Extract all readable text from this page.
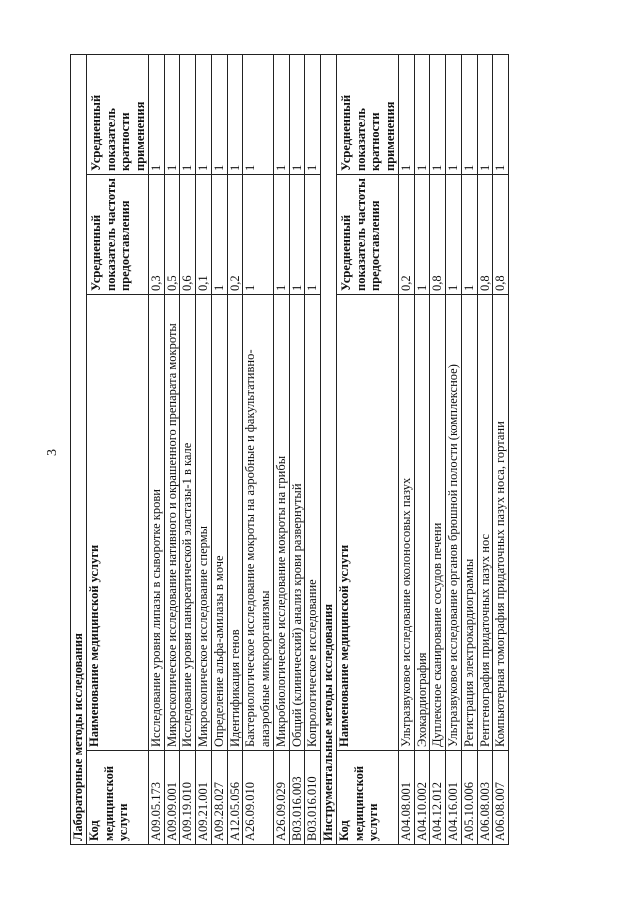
3
Лабораторные методы исследования			
Код медицинской услуги	Наименование медицинской услуги	Усредненный показатель частоты предоставления	Усредненный показатель кратности применения
A09.05.173	Исследование уровня липазы в сыворотке крови	0,3	1
A09.09.001	Микроскопическое исследование нативного и окрашенного препарата мокроты	0,5	1
A09.19.010	Исследование уровня панкреатической эластазы-1 в кале	0,6	1
A09.21.001	Микроскопическое исследование спермы	0,1	1
A09.28.027	Определение альфа-амилазы в моче	1	1
A12.05.056	Идентификация генов	0,2	1
A26.09.010	Бактериологическое исследование мокроты на аэробные и факультативно-анаэробные микроорганизмы	1	1
A26.09.029	Микробиологическое исследование мокроты на грибы	1	1
B03.016.003	Общий (клинический) анализ крови развернутый	1	1
B03.016.010	Копрологическое исследование	1	1
Инструментальные методы исследования			
Код медицинской услуги	Наименование медицинской услуги	Усредненный показатель частоты предоставления	Усредненный показатель кратности применения
A04.08.001	Ультразвуковое исследование околоносовых пазух	0,2	1
A04.10.002	Эхокардиография	1	1
A04.12.012	Дуплексное сканирование сосудов печени	0,8	1
A04.16.001	Ультразвуковое исследование органов брюшной полости (комплексное)	1	1
A05.10.006	Регистрация электрокардиограммы	1	1
A06.08.003	Рентгенография придаточных пазух нос	0,8	1
A06.08.007	Компьютерная томография придаточных пазух носа, гортани	0,8	1
